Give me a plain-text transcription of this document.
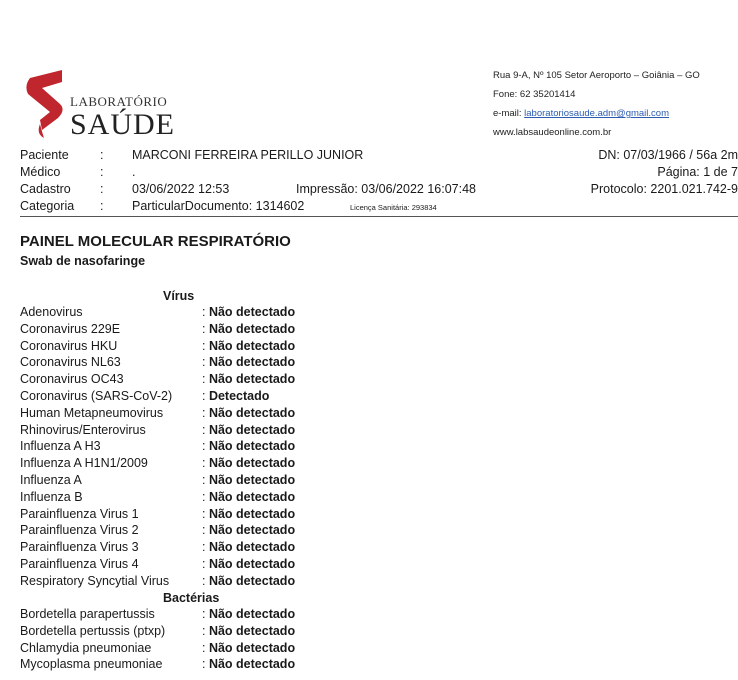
LABORATÓRIO
SAÚDE
Rua 9-A, Nº 105 Setor Aeroporto – Goiânia – GO
Fone: 62 35201414
e-mail: laboratoriosaude.adm@gmail.com
www.labsaudeonline.com.br
Paciente	: MARCONI FERREIRA PERILLO JUNIOR	DN: 07/03/1966 / 56a 2m
Médico	: .	Página: 1 de 7
Cadastro : 03/06/2022 12:53	Impressão: 03/06/2022 16:07:48	Protocolo: 2201.021.742-9
Categoria : ParticularDocumento: 1314602	Licença Sanitária: 293834
PAINEL MOLECULAR RESPIRATÓRIO
Swab de nasofaringe
Vírus
Adenovirus	: Não detectado
Coronavirus 229E	: Não detectado
Coronavirus HKU	: Não detectado
Coronavirus NL63	: Não detectado
Coronavirus OC43	: Não detectado
Coronavirus (SARS-CoV-2)	: Detectado
Human Metapneumovirus	: Não detectado
Rhinovirus/Enterovirus	: Não detectado
Influenza A H3	: Não detectado
Influenza A H1N1/2009	: Não detectado
Influenza A	: Não detectado
Influenza B	: Não detectado
Parainfluenza Virus 1	: Não detectado
Parainfluenza Virus 2	: Não detectado
Parainfluenza Virus 3	: Não detectado
Parainfluenza Virus 4	: Não detectado
Respiratory Syncytial Virus	: Não detectado
Bactérias
Bordetella parapertussis	: Não detectado
Bordetella pertussis (ptxp)	: Não detectado
Chlamydia pneumoniae	: Não detectado
Mycoplasma pneumoniae	: Não detectado
